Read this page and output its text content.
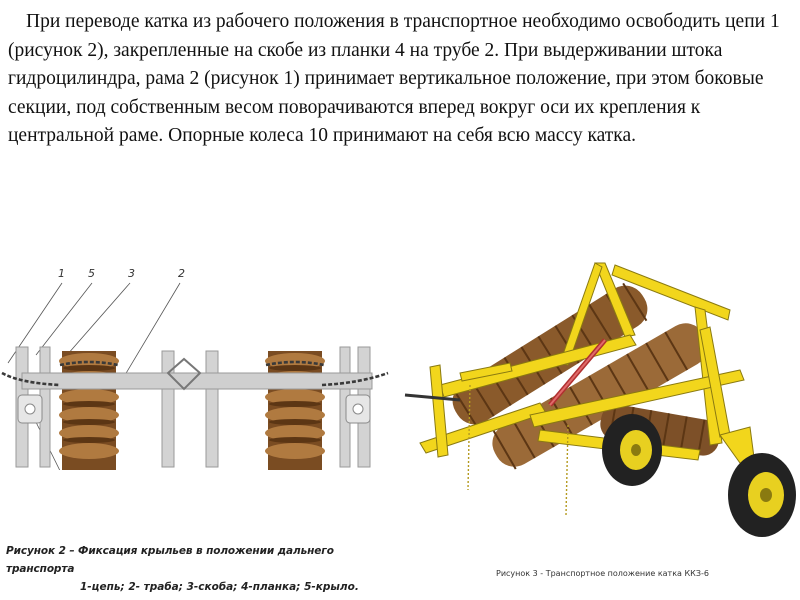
При переводе катка из рабочего положения в транспортное необходимо освободить цепи 1 (рисунок 2), закрепленные на скобе из планки 4 на трубе 2. При выдерживании штока гидроцилиндра, рама 2 (рисунок 1) принимает вертикальное положение, при этом боковые секции, под собственным весом поворачиваются вперед вокруг оси их крепления к центральной раме. Опорные колеса 10 принимают на себя всю массу катка.

1 5	3	2
Рисунок 2 – Фиксация крыльев в положении дальнего транспорта
1-цепь; 2- траба; 3-скоба; 4-планка; 5-крыло.
Рисунок 3 - Транспортное положение катка ККЗ-6
